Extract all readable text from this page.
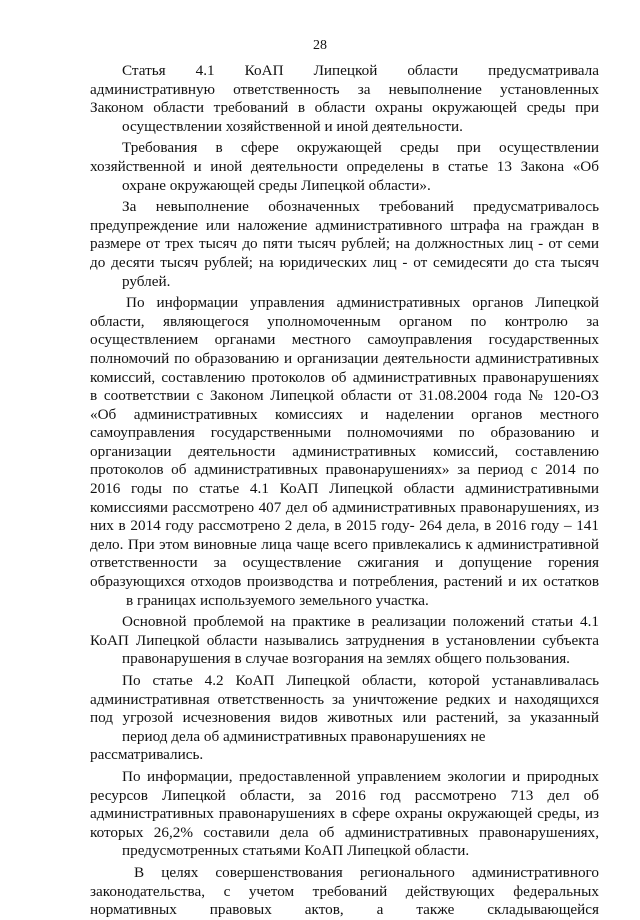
28

Статья 4.1 КоАП Липецкой области предусматривала
административную ответственность за невыполнение установленных
Законом области требований в области охраны окружающей среды при
осуществлении хозяйственной и иной деятельности.

Требования в сфере окружающей среды при осуществлении
хозяйственной и иной деятельности определены в статье 13 Закона «Об
охране окружающей среды Липецкой области».

За невыполнение обозначенных требований предусматривалось
предупреждение или наложение административного штрафа на граждан в
размере от трех тысяч до пяти тысяч рублей; на должностных лиц - от семи
до десяти тысяч рублей; на юридических лиц - от семидесяти до ста тысяч
рублей.

По информации управления административных органов Липецкой
области, являющегося уполномоченным органом по контролю за
осуществлением органами местного самоуправления государственных
полномочий по образованию и организации деятельности административных
комиссий, составлению протоколов об административных правонарушениях
в соответствии с Законом Липецкой области от 31.08.2004 года № 120-ОЗ
«Об административных комиссиях и наделении органов местного
самоуправления государственными полномочиями по образованию и
организации деятельности административных комиссий, составлению
протоколов об административных правонарушениях» за период с 2014 по
2016 годы по статье 4.1 КоАП Липецкой области административными
комиссиями рассмотрено 407 дел об административных правонарушениях, из
них в 2014 году рассмотрено 2 дела, в 2015 году- 264 дела, в 2016 году – 141
дело. При этом виновные лица чаще всего привлекались к административной
ответственности за осуществление сжигания и допущение горения
образующихся отходов производства и потребления, растений и их остатков
в границах используемого земельного участка.

Основной проблемой на практике в реализации положений статьи 4.1
КоАП Липецкой области назывались затруднения в установлении субъекта
правонарушения в случае возгорания на землях общего пользования.

По статье 4.2 КоАП Липецкой области, которой устанавливалась
административная ответственность за уничтожение редких и находящихся
под угрозой исчезновения видов животных или растений, за указанный
период дела об административных правонарушениях не рассматривались.

По информации, предоставленной управлением экологии и природных
ресурсов Липецкой области, за 2016 год рассмотрено 713 дел об
административных правонарушениях в сфере охраны окружающей среды, из
которых 26,2% составили дела об административных правонарушениях,
предусмотренных статьями КоАП Липецкой области.

В целях совершенствования регионального административного
законодательства, с учетом требований действующих федеральных
нормативных правовых актов, а также складывающейся
